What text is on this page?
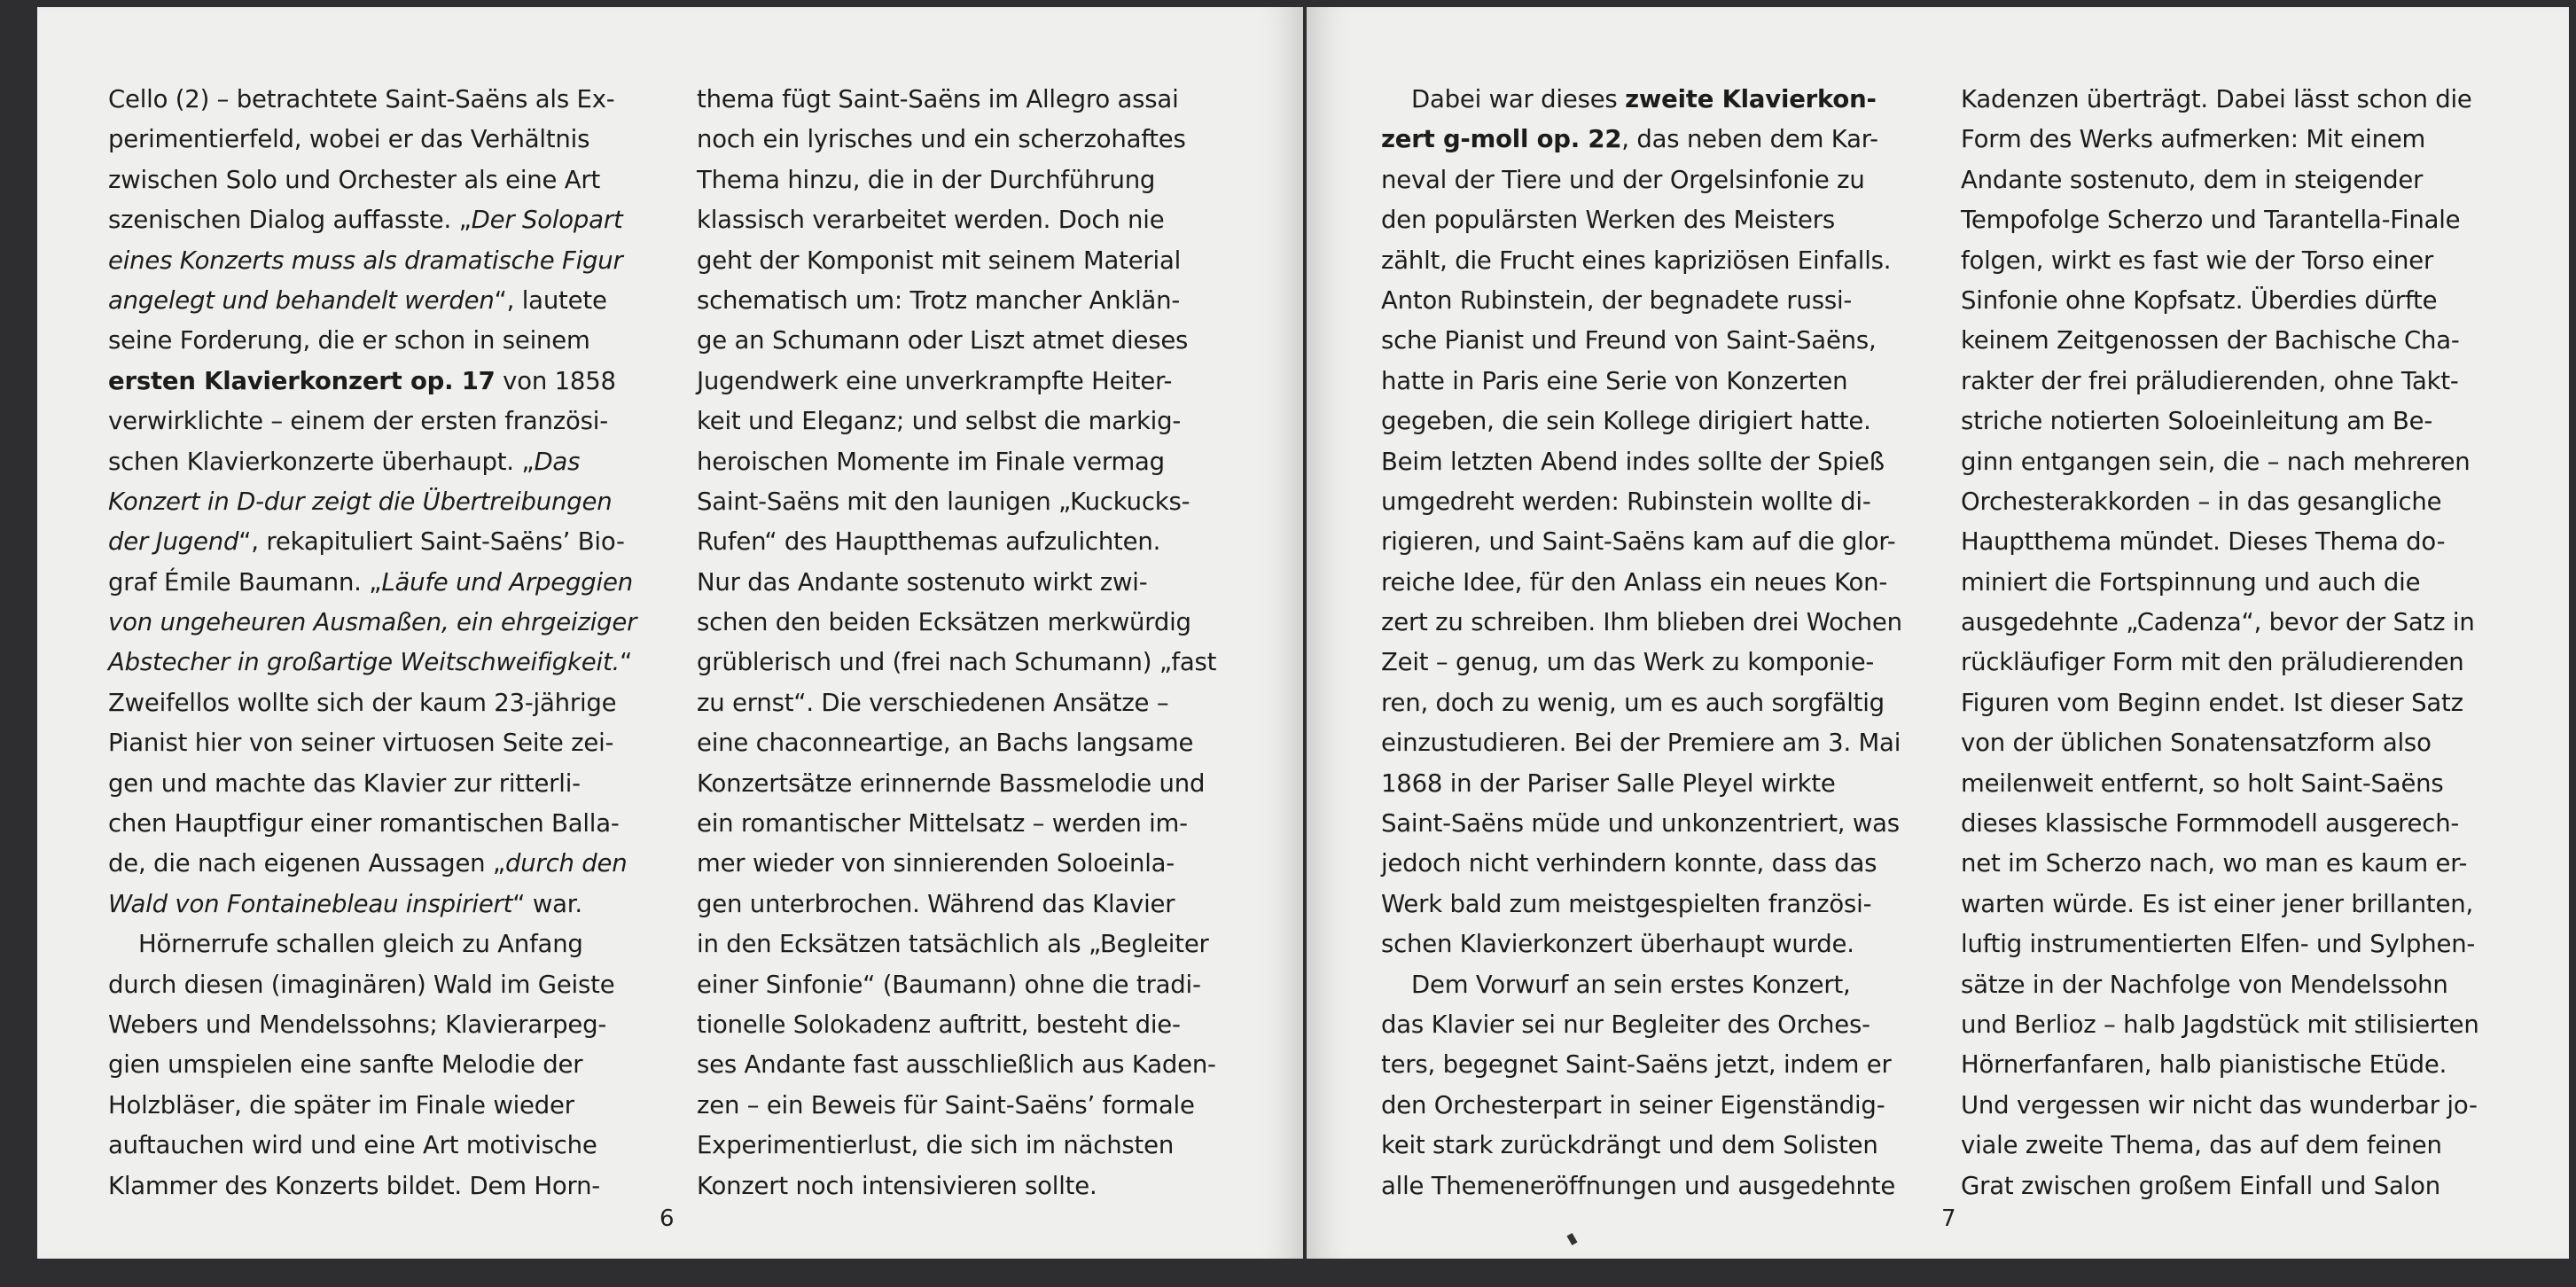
Cello (2) – betrachtete Saint-Saëns als Ex-
perimentierfeld, wobei er das Verhältnis
zwischen Solo und Orchester als eine Art
szenischen Dialog auffasste. „Der Solopart
eines Konzerts muss als dramatische Figur
angelegt und behandelt werden“, lautete
seine Forderung, die er schon in seinem
ersten Klavierkonzert op. 17 von 1858
verwirklichte – einem der ersten französi-
schen Klavierkonzerte überhaupt. „Das
Konzert in D-dur zeigt die Übertreibungen
der Jugend“, rekapituliert Saint-Saëns’ Bio-
graf Émile Baumann. „Läufe und Arpeggien
von ungeheuren Ausmaßen, ein ehrgeiziger
Abstecher in großartige Weitschweifigkeit.“
Zweifellos wollte sich der kaum 23-jährige
Pianist hier von seiner virtuosen Seite zei-
gen und machte das Klavier zur ritterli-
chen Hauptfigur einer romantischen Balla-
de, die nach eigenen Aussagen „durch den
Wald von Fontainebleau inspiriert“ war.
Hörnerrufe schallen gleich zu Anfang
durch diesen (imaginären) Wald im Geiste
Webers und Mendelssohns; Klavierarpeg-
gien umspielen eine sanfte Melodie der
Holzbläser, die später im Finale wieder
auftauchen wird und eine Art motivische
Klammer des Konzerts bildet. Dem Horn-
thema fügt Saint-Saëns im Allegro assai
noch ein lyrisches und ein scherzohaftes
Thema hinzu, die in der Durchführung
klassisch verarbeitet werden. Doch nie
geht der Komponist mit seinem Material
schematisch um: Trotz mancher Anklän-
ge an Schumann oder Liszt atmet dieses
Jugendwerk eine unverkrampfte Heiter-
keit und Eleganz; und selbst die markig-
heroischen Momente im Finale vermag
Saint-Saëns mit den launigen „Kuckucks-
Rufen“ des Hauptthemas aufzulichten.
Nur das Andante sostenuto wirkt zwi-
schen den beiden Ecksätzen merkwürdig
grüblerisch und (frei nach Schumann) „fast
zu ernst“. Die verschiedenen Ansätze –
eine chaconneartige, an Bachs langsame
Konzertsätze erinnernde Bassmelodie und
ein romantischer Mittelsatz – werden im-
mer wieder von sinnierenden Soloeinla-
gen unterbrochen. Während das Klavier
in den Ecksätzen tatsächlich als „Begleiter
einer Sinfonie“ (Baumann) ohne die tradi-
tionelle Solokadenz auftritt, besteht die-
ses Andante fast ausschließlich aus Kaden-
zen – ein Beweis für Saint-Saëns’ formale
Experimentierlust, die sich im nächsten
Konzert noch intensivieren sollte.
6
Dabei war dieses zweite Klavierkon-
zert g-moll op. 22, das neben dem Kar-
neval der Tiere und der Orgelsinfonie zu
den populärsten Werken des Meisters
zählt, die Frucht eines kapriziösen Einfalls.
Anton Rubinstein, der begnadete russi-
sche Pianist und Freund von Saint-Saëns,
hatte in Paris eine Serie von Konzerten
gegeben, die sein Kollege dirigiert hatte.
Beim letzten Abend indes sollte der Spieß
umgedreht werden: Rubinstein wollte di-
rigieren, und Saint-Saëns kam auf die glor-
reiche Idee, für den Anlass ein neues Kon-
zert zu schreiben. Ihm blieben drei Wochen
Zeit – genug, um das Werk zu komponie-
ren, doch zu wenig, um es auch sorgfältig
einzustudieren. Bei der Premiere am 3. Mai
1868 in der Pariser Salle Pleyel wirkte
Saint-Saëns müde und unkonzentriert, was
jedoch nicht verhindern konnte, dass das
Werk bald zum meistgespielten französi-
schen Klavierkonzert überhaupt wurde.
Dem Vorwurf an sein erstes Konzert,
das Klavier sei nur Begleiter des Orches-
ters, begegnet Saint-Saëns jetzt, indem er
den Orchesterpart in seiner Eigenständig-
keit stark zurückdrängt und dem Solisten
alle Themeneröffnungen und ausgedehnte
Kadenzen überträgt. Dabei lässt schon die
Form des Werks aufmerken: Mit einem
Andante sostenuto, dem in steigender
Tempofolge Scherzo und Tarantella-Finale
folgen, wirkt es fast wie der Torso einer
Sinfonie ohne Kopfsatz. Überdies dürfte
keinem Zeitgenossen der Bachische Cha-
rakter der frei präludierenden, ohne Takt-
striche notierten Soloeinleitung am Be-
ginn entgangen sein, die – nach mehreren
Orchesterakkorden – in das gesangliche
Hauptthema mündet. Dieses Thema do-
miniert die Fortspinnung und auch die
ausgedehnte „Cadenza“, bevor der Satz in
rückläufiger Form mit den präludierenden
Figuren vom Beginn endet. Ist dieser Satz
von der üblichen Sonatensatzform also
meilenweit entfernt, so holt Saint-Saëns
dieses klassische Formmodell ausgerech-
net im Scherzo nach, wo man es kaum er-
warten würde. Es ist einer jener brillanten,
luftig instrumentierten Elfen- und Sylphen-
sätze in der Nachfolge von Mendelssohn
und Berlioz – halb Jagdstück mit stilisierten
Hörnerfanfaren, halb pianistische Etüde.
Und vergessen wir nicht das wunderbar jo-
viale zweite Thema, das auf dem feinen
Grat zwischen großem Einfall und Salon
7
